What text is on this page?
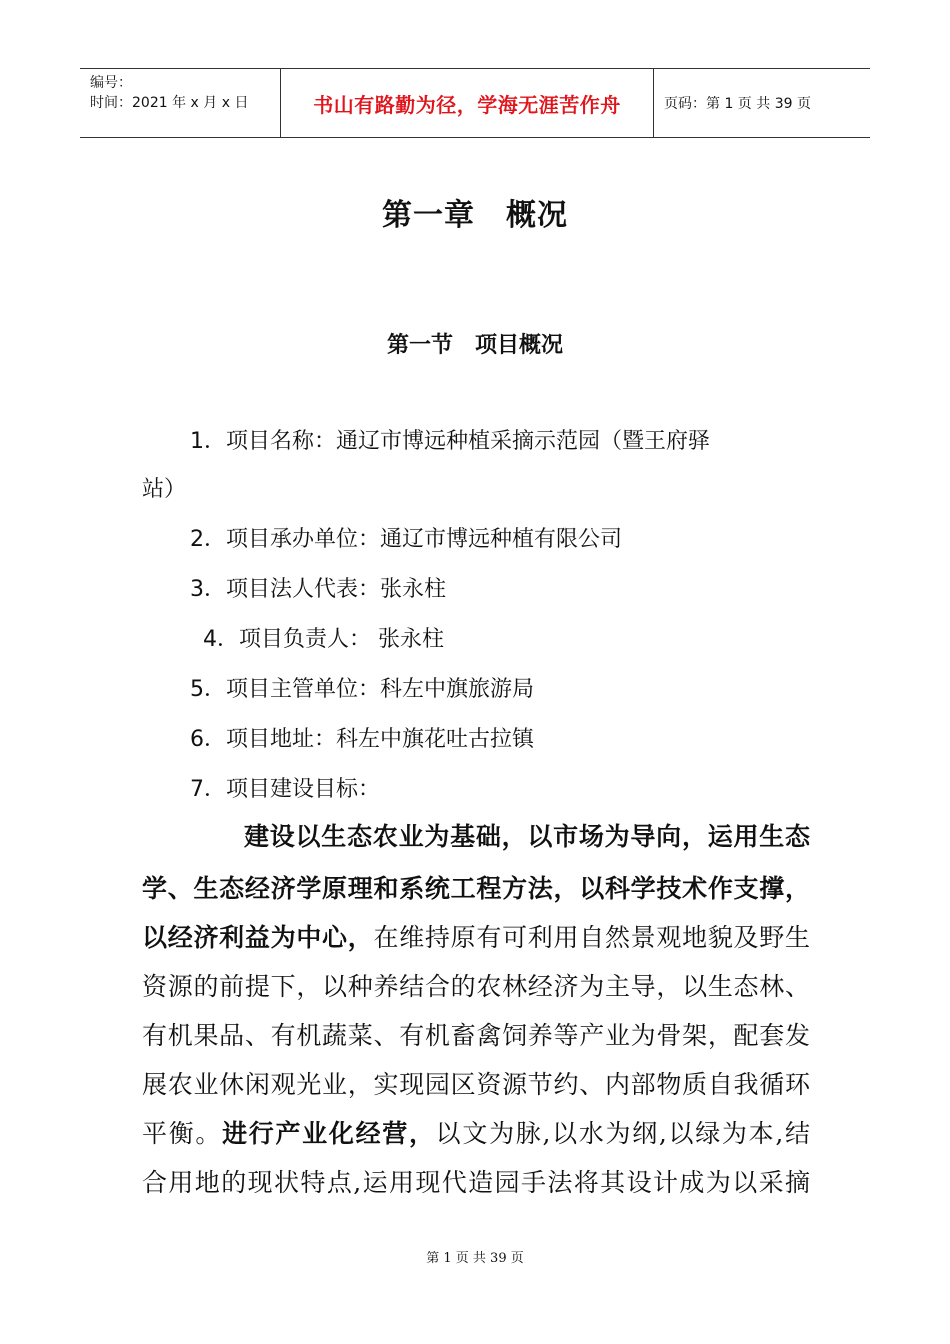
编号：
时间：2021 年 x 月 x 日	书山有路勤为径，学海无涯苦作舟	页码：第 1 页 共 39 页
第一章　概况
第一节　项目概况
1．项目名称：通辽市博远种植采摘示范园（暨王府驿
站）
2．项目承办单位：通辽市博远种植有限公司
3．项目法人代表：张永柱
4．项目负责人： 张永柱
5．项目主管单位：科左中旗旅游局
6．项目地址：科左中旗花吐古拉镇
7．项目建设目标：
建设以生态农业为基础，以市场为导向，运用生态
学、生态经济学原理和系统工程方法，以科学技术作支撑，
以经济利益为中心，在维持原有可利用自然景观地貌及野生
资源的前提下，以种养结合的农林经济为主导，以生态林、
有机果品、有机蔬菜、有机畜禽饲养等产业为骨架，配套发
展农业休闲观光业，实现园区资源节约、内部物质自我循环
平衡。进行产业化经营，以文为脉,以水为纲,以绿为本,结
合用地的现状特点,运用现代造园手法将其设计成为以采摘
第 1 页 共 39 页
